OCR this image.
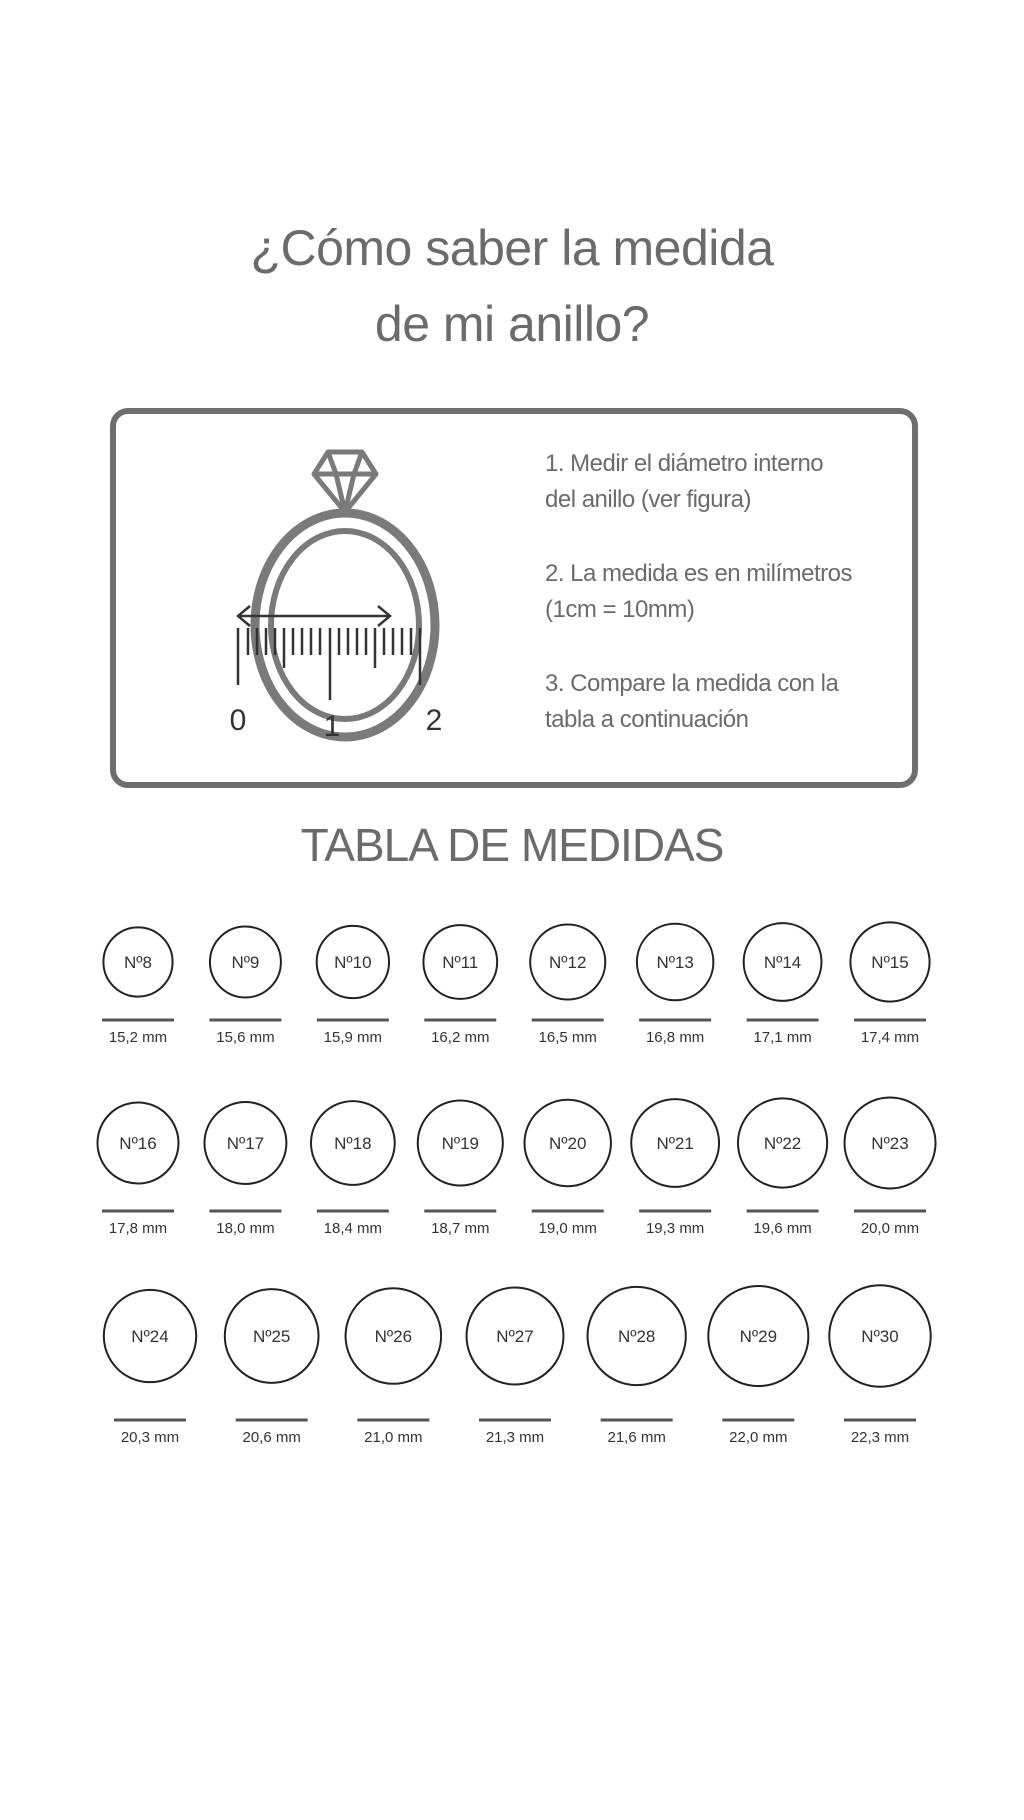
¿Cómo saber la medida
de mi anillo?
0	1	2
1. Medir el diámetro interno
del anillo (ver figura)
2. La medida es en milímetros
(1cm = 10mm)
3. Compare la medida con la
tabla a continuación
TABLA DE MEDIDAS
Nº8
15,2 mm
Nº9
15,6 mm
Nº10
15,9 mm
Nº11
16,2 mm
Nº12
16,5 mm
Nº13
16,8 mm
Nº14
17,1 mm
Nº15
17,4 mm
Nº16
17,8 mm
Nº17
18,0 mm
Nº18
18,4 mm
Nº19
18,7 mm
Nº20
19,0 mm
Nº21
19,3 mm
Nº22
19,6 mm
Nº23
20,0 mm
Nº24
20,3 mm
Nº25
20,6 mm
Nº26
21,0 mm
Nº27
21,3 mm
Nº28
21,6 mm
Nº29
22,0 mm
Nº30
22,3 mm
